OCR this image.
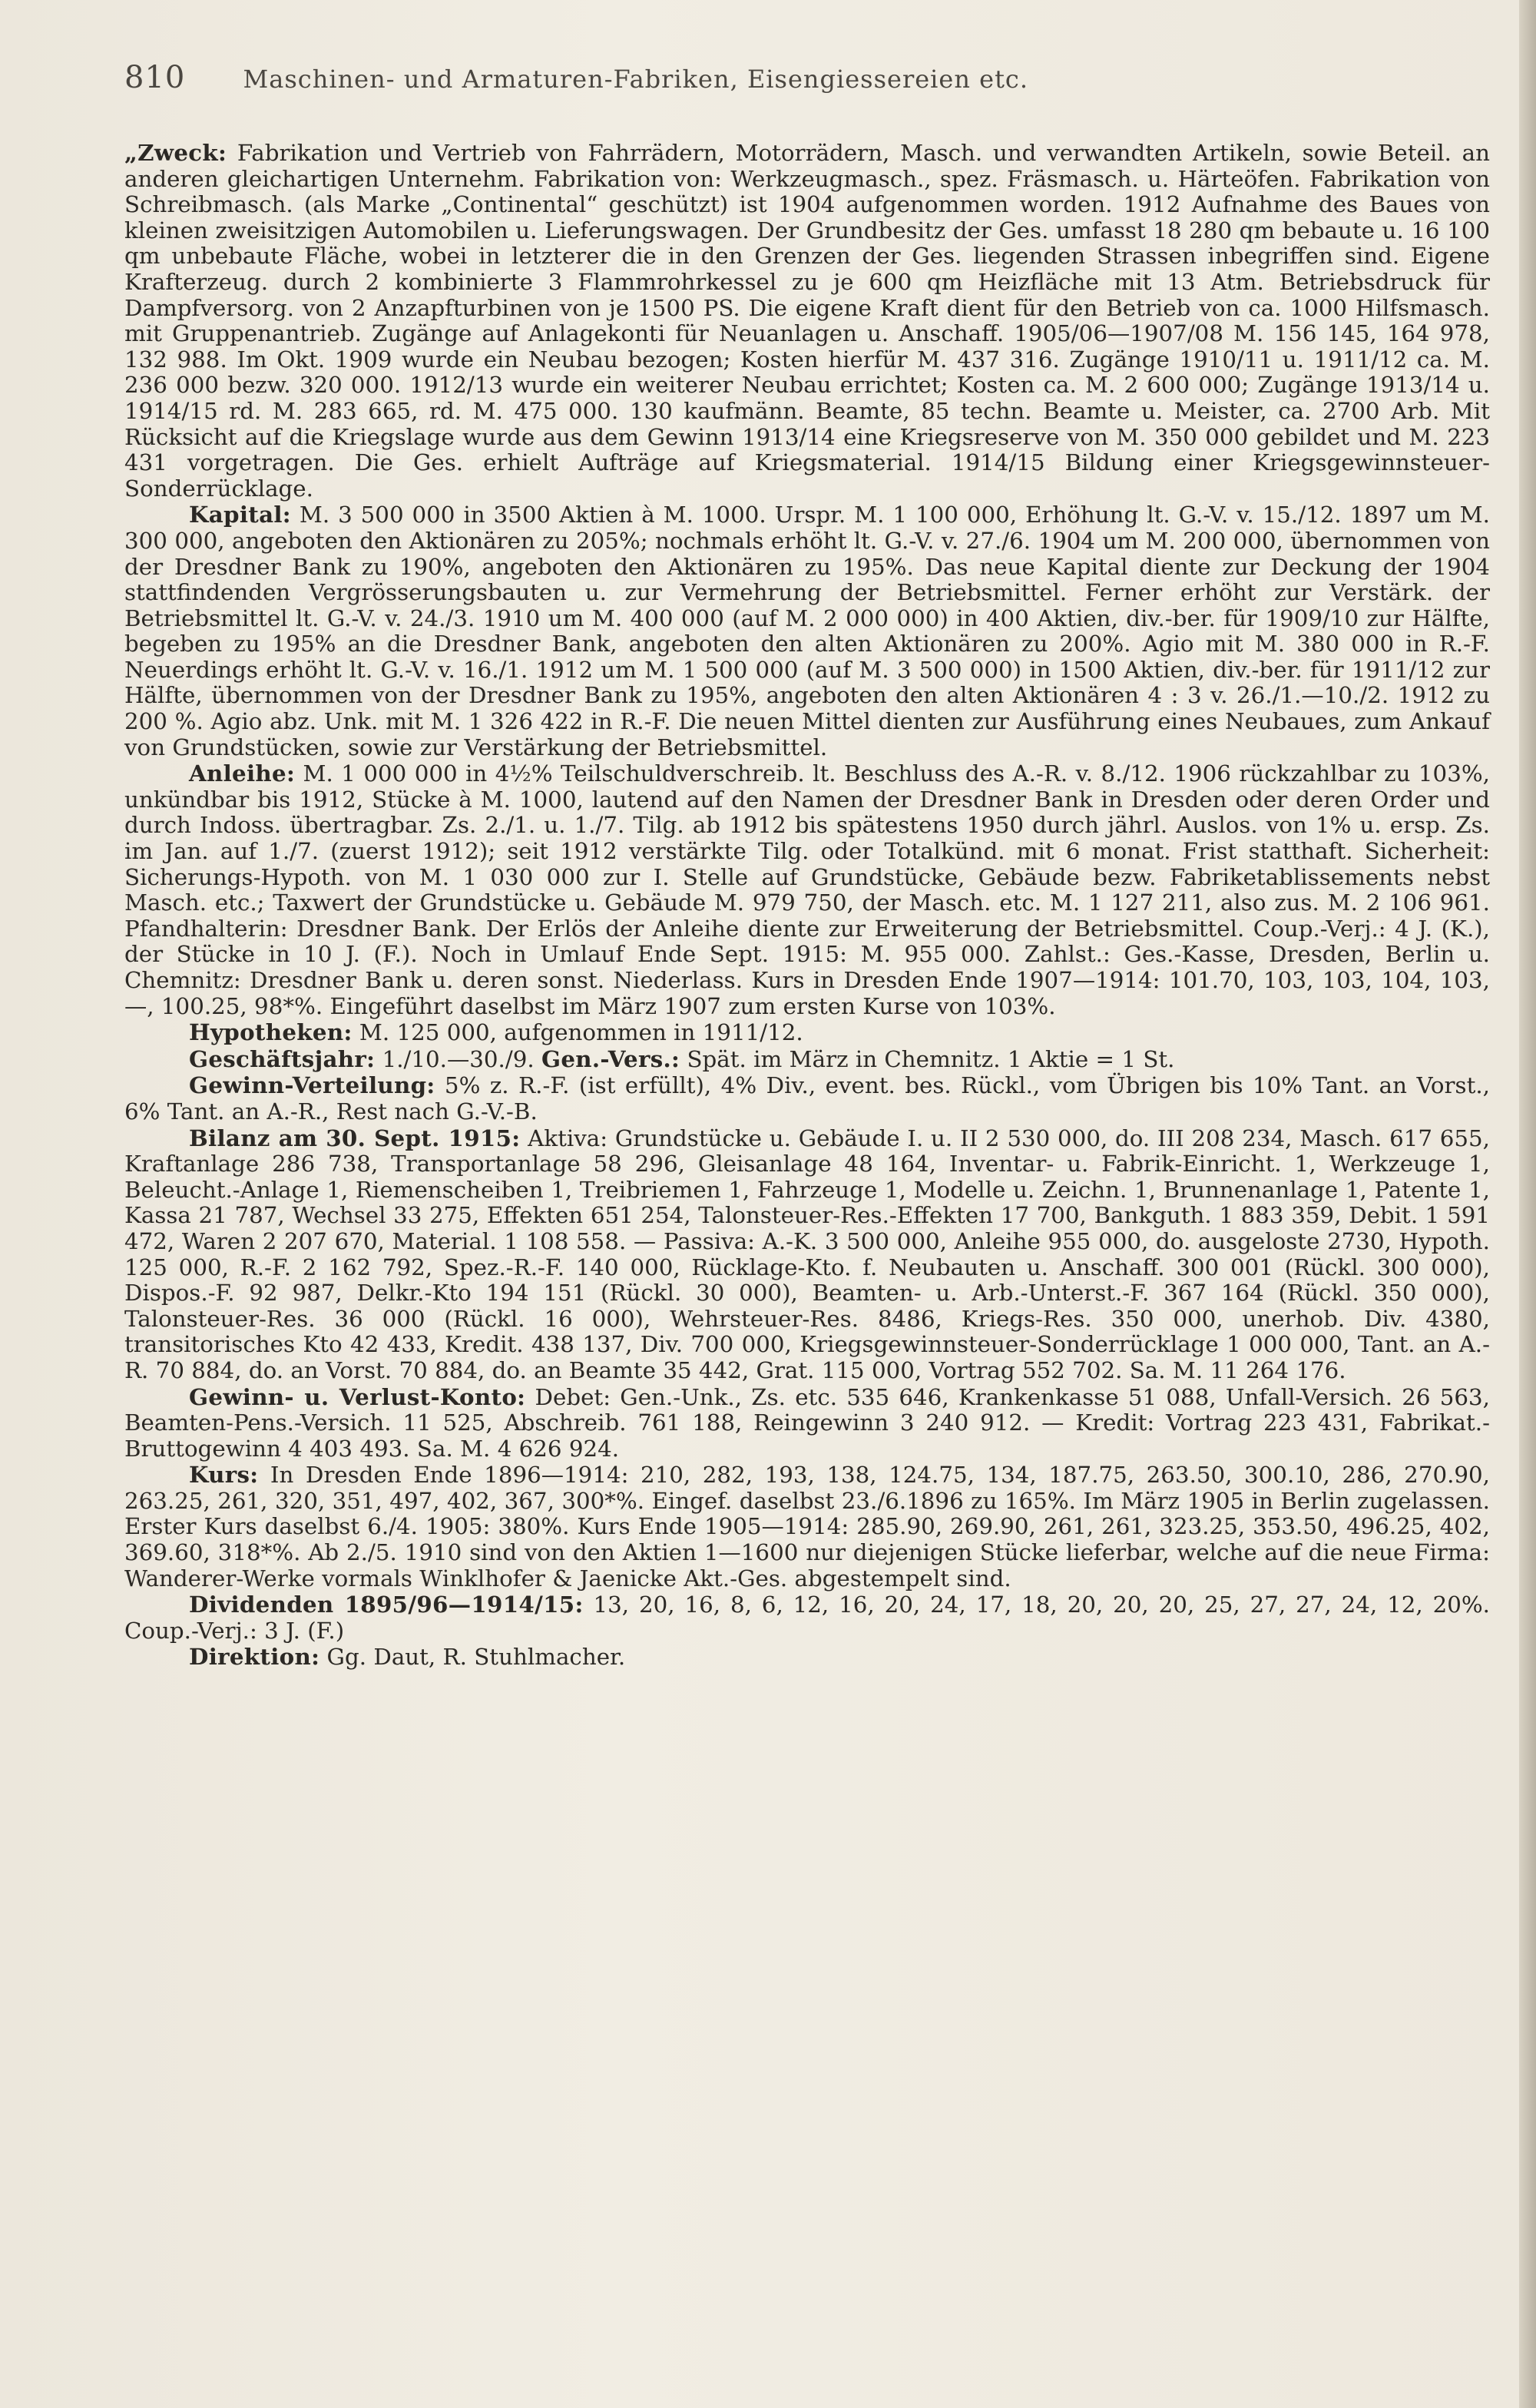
810 Maschinen- und Armaturen-Fabriken, Eisengiessereien etc.

„Zweck: Fabrikation und Vertrieb von Fahrrädern, Motorrädern, Masch. und verwandten Artikeln, sowie Beteil. an anderen gleichartigen Unternehm. Fabrikation von: Werkzeugmasch., spez. Fräsmasch. u. Härteöfen. Fabrikation von Schreibmasch. (als Marke „Continental“ geschützt) ist 1904 aufgenommen worden. 1912 Aufnahme des Baues von kleinen zweisitzigen Automobilen u. Lieferungswagen. Der Grundbesitz der Ges. umfasst 18 280 qm bebaute u. 16 100 qm unbebaute Fläche, wobei in letzterer die in den Grenzen der Ges. liegenden Strassen inbegriffen sind. Eigene Krafterzeug. durch 2 kombinierte 3 Flammrohrkessel zu je 600 qm Heizfläche mit 13 Atm. Betriebsdruck für Dampfversorg. von 2 Anzapfturbinen von je 1500 PS. Die eigene Kraft dient für den Betrieb von ca. 1000 Hilfsmasch. mit Gruppenantrieb. Zugänge auf Anlagekonti für Neuanlagen u. Anschaff. 1905/06—1907/08 M. 156 145, 164 978, 132 988. Im Okt. 1909 wurde ein Neubau bezogen; Kosten hierfür M. 437 316. Zugänge 1910/11 u. 1911/12 ca. M. 236 000 bezw. 320 000. 1912/13 wurde ein weiterer Neubau errichtet; Kosten ca. M. 2 600 000; Zugänge 1913/14 u. 1914/15 rd. M. 283 665, rd. M. 475 000. 130 kaufmänn. Beamte, 85 techn. Beamte u. Meister, ca. 2700 Arb. Mit Rücksicht auf die Kriegslage wurde aus dem Gewinn 1913/14 eine Kriegsreserve von M. 350 000 gebildet und M. 223 431 vorgetragen. Die Ges. erhielt Aufträge auf Kriegsmaterial. 1914/15 Bildung einer Kriegsgewinnsteuer-Sonderrücklage.

Kapital: M. 3 500 000 in 3500 Aktien à M. 1000. Urspr. M. 1 100 000, Erhöhung lt. G.-V. v. 15./12. 1897 um M. 300 000, angeboten den Aktionären zu 205%; nochmals erhöht lt. G.-V. v. 27./6. 1904 um M. 200 000, übernommen von der Dresdner Bank zu 190%, angeboten den Aktionären zu 195%. Das neue Kapital diente zur Deckung der 1904 stattfindenden Vergrösserungsbauten u. zur Vermehrung der Betriebsmittel. Ferner erhöht zur Verstärk. der Betriebsmittel lt. G.-V. v. 24./3. 1910 um M. 400 000 (auf M. 2 000 000) in 400 Aktien, div.-ber. für 1909/10 zur Hälfte, begeben zu 195% an die Dresdner Bank, angeboten den alten Aktionären zu 200%. Agio mit M. 380 000 in R.-F. Neuerdings erhöht lt. G.-V. v. 16./1. 1912 um M. 1 500 000 (auf M. 3 500 000) in 1500 Aktien, div.-ber. für 1911/12 zur Hälfte, übernommen von der Dresdner Bank zu 195%, angeboten den alten Aktionären 4 : 3 v. 26./1.—10./2. 1912 zu 200 %. Agio abz. Unk. mit M. 1 326 422 in R.-F. Die neuen Mittel dienten zur Ausführung eines Neubaues, zum Ankauf von Grundstücken, sowie zur Verstärkung der Betriebsmittel.

Anleihe: M. 1 000 000 in 4½% Teilschuldverschreib. lt. Beschluss des A.-R. v. 8./12. 1906 rückzahlbar zu 103%, unkündbar bis 1912, Stücke à M. 1000, lautend auf den Namen der Dresdner Bank in Dresden oder deren Order und durch Indoss. übertragbar. Zs. 2./1. u. 1./7. Tilg. ab 1912 bis spätestens 1950 durch jährl. Auslos. von 1% u. ersp. Zs. im Jan. auf 1./7. (zuerst 1912); seit 1912 verstärkte Tilg. oder Totalkünd. mit 6 monat. Frist statthaft. Sicherheit: Sicherungs-Hypoth. von M. 1 030 000 zur I. Stelle auf Grundstücke, Gebäude bezw. Fabriketablissements nebst Masch. etc.; Taxwert der Grundstücke u. Gebäude M. 979 750, der Masch. etc. M. 1 127 211, also zus. M. 2 106 961. Pfandhalterin: Dresdner Bank. Der Erlös der Anleihe diente zur Erweiterung der Betriebsmittel. Coup.-Verj.: 4 J. (K.), der Stücke in 10 J. (F.). Noch in Umlauf Ende Sept. 1915: M. 955 000. Zahlst.: Ges.-Kasse, Dresden, Berlin u. Chemnitz: Dresdner Bank u. deren sonst. Niederlass. Kurs in Dresden Ende 1907—1914: 101.70, 103, 103, 104, 103, —, 100.25, 98*%. Eingeführt daselbst im März 1907 zum ersten Kurse von 103%.

Hypotheken: M. 125 000, aufgenommen in 1911/12.

Geschäftsjahr: 1./10.—30./9. Gen.-Vers.: Spät. im März in Chemnitz. 1 Aktie = 1 St.

Gewinn-Verteilung: 5% z. R.-F. (ist erfüllt), 4% Div., event. bes. Rückl., vom Übrigen bis 10% Tant. an Vorst., 6% Tant. an A.-R., Rest nach G.-V.-B.

Bilanz am 30. Sept. 1915: Aktiva: Grundstücke u. Gebäude I. u. II 2 530 000, do. III 208 234, Masch. 617 655, Kraftanlage 286 738, Transportanlage 58 296, Gleisanlage 48 164, Inventar- u. Fabrik-Einricht. 1, Werkzeuge 1, Beleucht.-Anlage 1, Riemenscheiben 1, Treibriemen 1, Fahrzeuge 1, Modelle u. Zeichn. 1, Brunnenanlage 1, Patente 1, Kassa 21 787, Wechsel 33 275, Effekten 651 254, Talonsteuer-Res.-Effekten 17 700, Bankguth. 1 883 359, Debit. 1 591 472, Waren 2 207 670, Material. 1 108 558. — Passiva: A.-K. 3 500 000, Anleihe 955 000, do. ausgeloste 2730, Hypoth. 125 000, R.-F. 2 162 792, Spez.-R.-F. 140 000, Rücklage-Kto. f. Neubauten u. Anschaff. 300 001 (Rückl. 300 000), Dispos.-F. 92 987, Delkr.-Kto 194 151 (Rückl. 30 000), Beamten- u. Arb.-Unterst.-F. 367 164 (Rückl. 350 000), Talonsteuer-Res. 36 000 (Rückl. 16 000), Wehrsteuer-Res. 8486, Kriegs-Res. 350 000, unerhob. Div. 4380, transitorisches Kto 42 433, Kredit. 438 137, Div. 700 000, Kriegsgewinnsteuer-Sonderrücklage 1 000 000, Tant. an A.-R. 70 884, do. an Vorst. 70 884, do. an Beamte 35 442, Grat. 115 000, Vortrag 552 702. Sa. M. 11 264 176.

Gewinn- u. Verlust-Konto: Debet: Gen.-Unk., Zs. etc. 535 646, Krankenkasse 51 088, Unfall-Versich. 26 563, Beamten-Pens.-Versich. 11 525, Abschreib. 761 188, Reingewinn 3 240 912. — Kredit: Vortrag 223 431, Fabrikat.-Bruttogewinn 4 403 493. Sa. M. 4 626 924.

Kurs: In Dresden Ende 1896—1914: 210, 282, 193, 138, 124.75, 134, 187.75, 263.50, 300.10, 286, 270.90, 263.25, 261, 320, 351, 497, 402, 367, 300*%. Eingef. daselbst 23./6.1896 zu 165%. Im März 1905 in Berlin zugelassen. Erster Kurs daselbst 6./4. 1905: 380%. Kurs Ende 1905—1914: 285.90, 269.90, 261, 261, 323.25, 353.50, 496.25, 402, 369.60, 318*%. Ab 2./5. 1910 sind von den Aktien 1—1600 nur diejenigen Stücke lieferbar, welche auf die neue Firma: Wanderer-Werke vormals Winklhofer & Jaenicke Akt.-Ges. abgestempelt sind.

Dividenden 1895/96—1914/15: 13, 20, 16, 8, 6, 12, 16, 20, 24, 17, 18, 20, 20, 20, 25, 27, 27, 24, 12, 20%. Coup.-Verj.: 3 J. (F.)

Direktion: Gg. Daut, R. Stuhlmacher.
